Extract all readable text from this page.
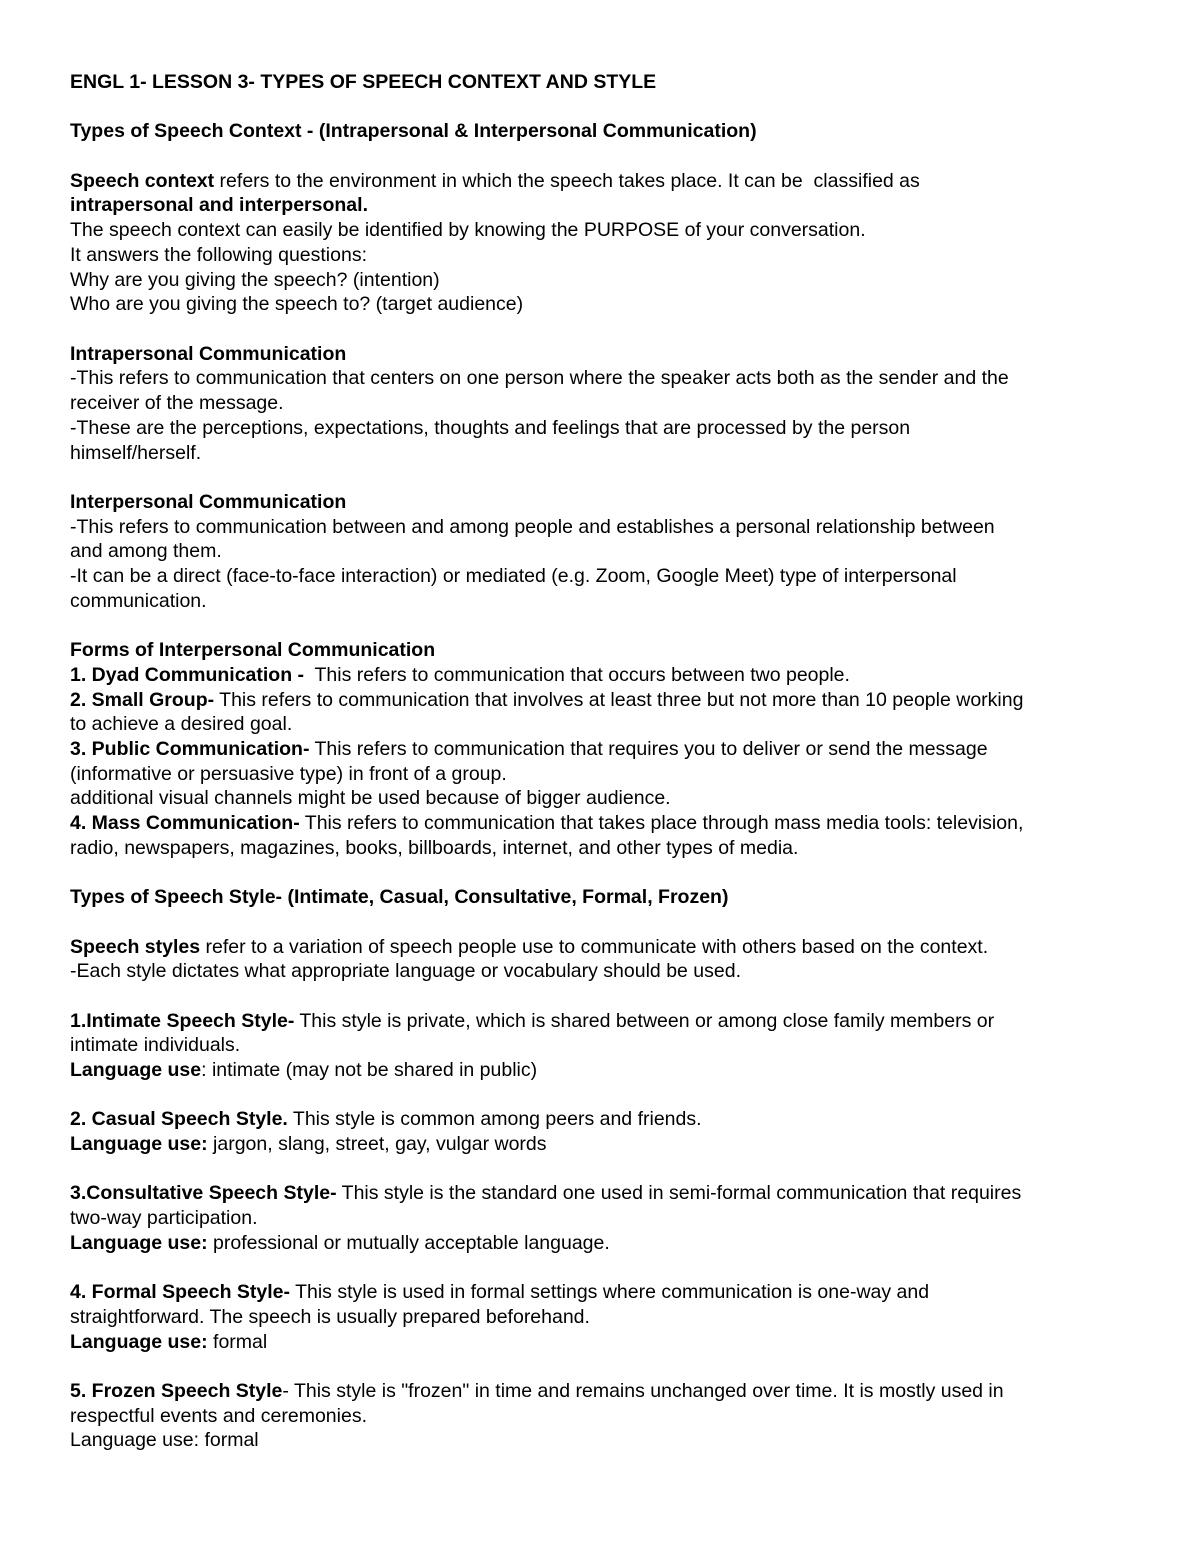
ENGL 1- LESSON 3- TYPES OF SPEECH CONTEXT AND STYLE
Types of Speech Context - (Intrapersonal & Interpersonal Communication)
Speech context refers to the environment in which the speech takes place. It can be  classified as
intrapersonal and interpersonal.
The speech context can easily be identified by knowing the PURPOSE of your conversation.
It answers the following questions:
Why are you giving the speech? (intention)
Who are you giving the speech to? (target audience)
Intrapersonal Communication
-This refers to communication that centers on one person where the speaker acts both as the sender and the
receiver of the message.
-These are the perceptions, expectations, thoughts and feelings that are processed by the person
himself/herself.
Interpersonal Communication
-This refers to communication between and among people and establishes a personal relationship between
and among them.
-It can be a direct (face-to-face interaction) or mediated (e.g. Zoom, Google Meet) type of interpersonal
communication.
Forms of Interpersonal Communication
1. Dyad Communication -  This refers to communication that occurs between two people.
2. Small Group- This refers to communication that involves at least three but not more than 10 people working
to achieve a desired goal.
3. Public Communication- This refers to communication that requires you to deliver or send the message
(informative or persuasive type) in front of a group.
additional visual channels might be used because of bigger audience.
4. Mass Communication- This refers to communication that takes place through mass media tools: television,
radio, newspapers, magazines, books, billboards, internet, and other types of media.
Types of Speech Style- (Intimate, Casual, Consultative, Formal, Frozen)
Speech styles refer to a variation of speech people use to communicate with others based on the context.
-Each style dictates what appropriate language or vocabulary should be used.
1.Intimate Speech Style- This style is private, which is shared between or among close family members or
intimate individuals.
Language use: intimate (may not be shared in public)
2. Casual Speech Style. This style is common among peers and friends.
Language use: jargon, slang, street, gay, vulgar words
3.Consultative Speech Style- This style is the standard one used in semi-formal communication that requires
two-way participation.
Language use: professional or mutually acceptable language.
4. Formal Speech Style- This style is used in formal settings where communication is one-way and
straightforward. The speech is usually prepared beforehand.
Language use: formal
5. Frozen Speech Style- This style is "frozen" in time and remains unchanged over time. It is mostly used in
respectful events and ceremonies.
Language use: formal
